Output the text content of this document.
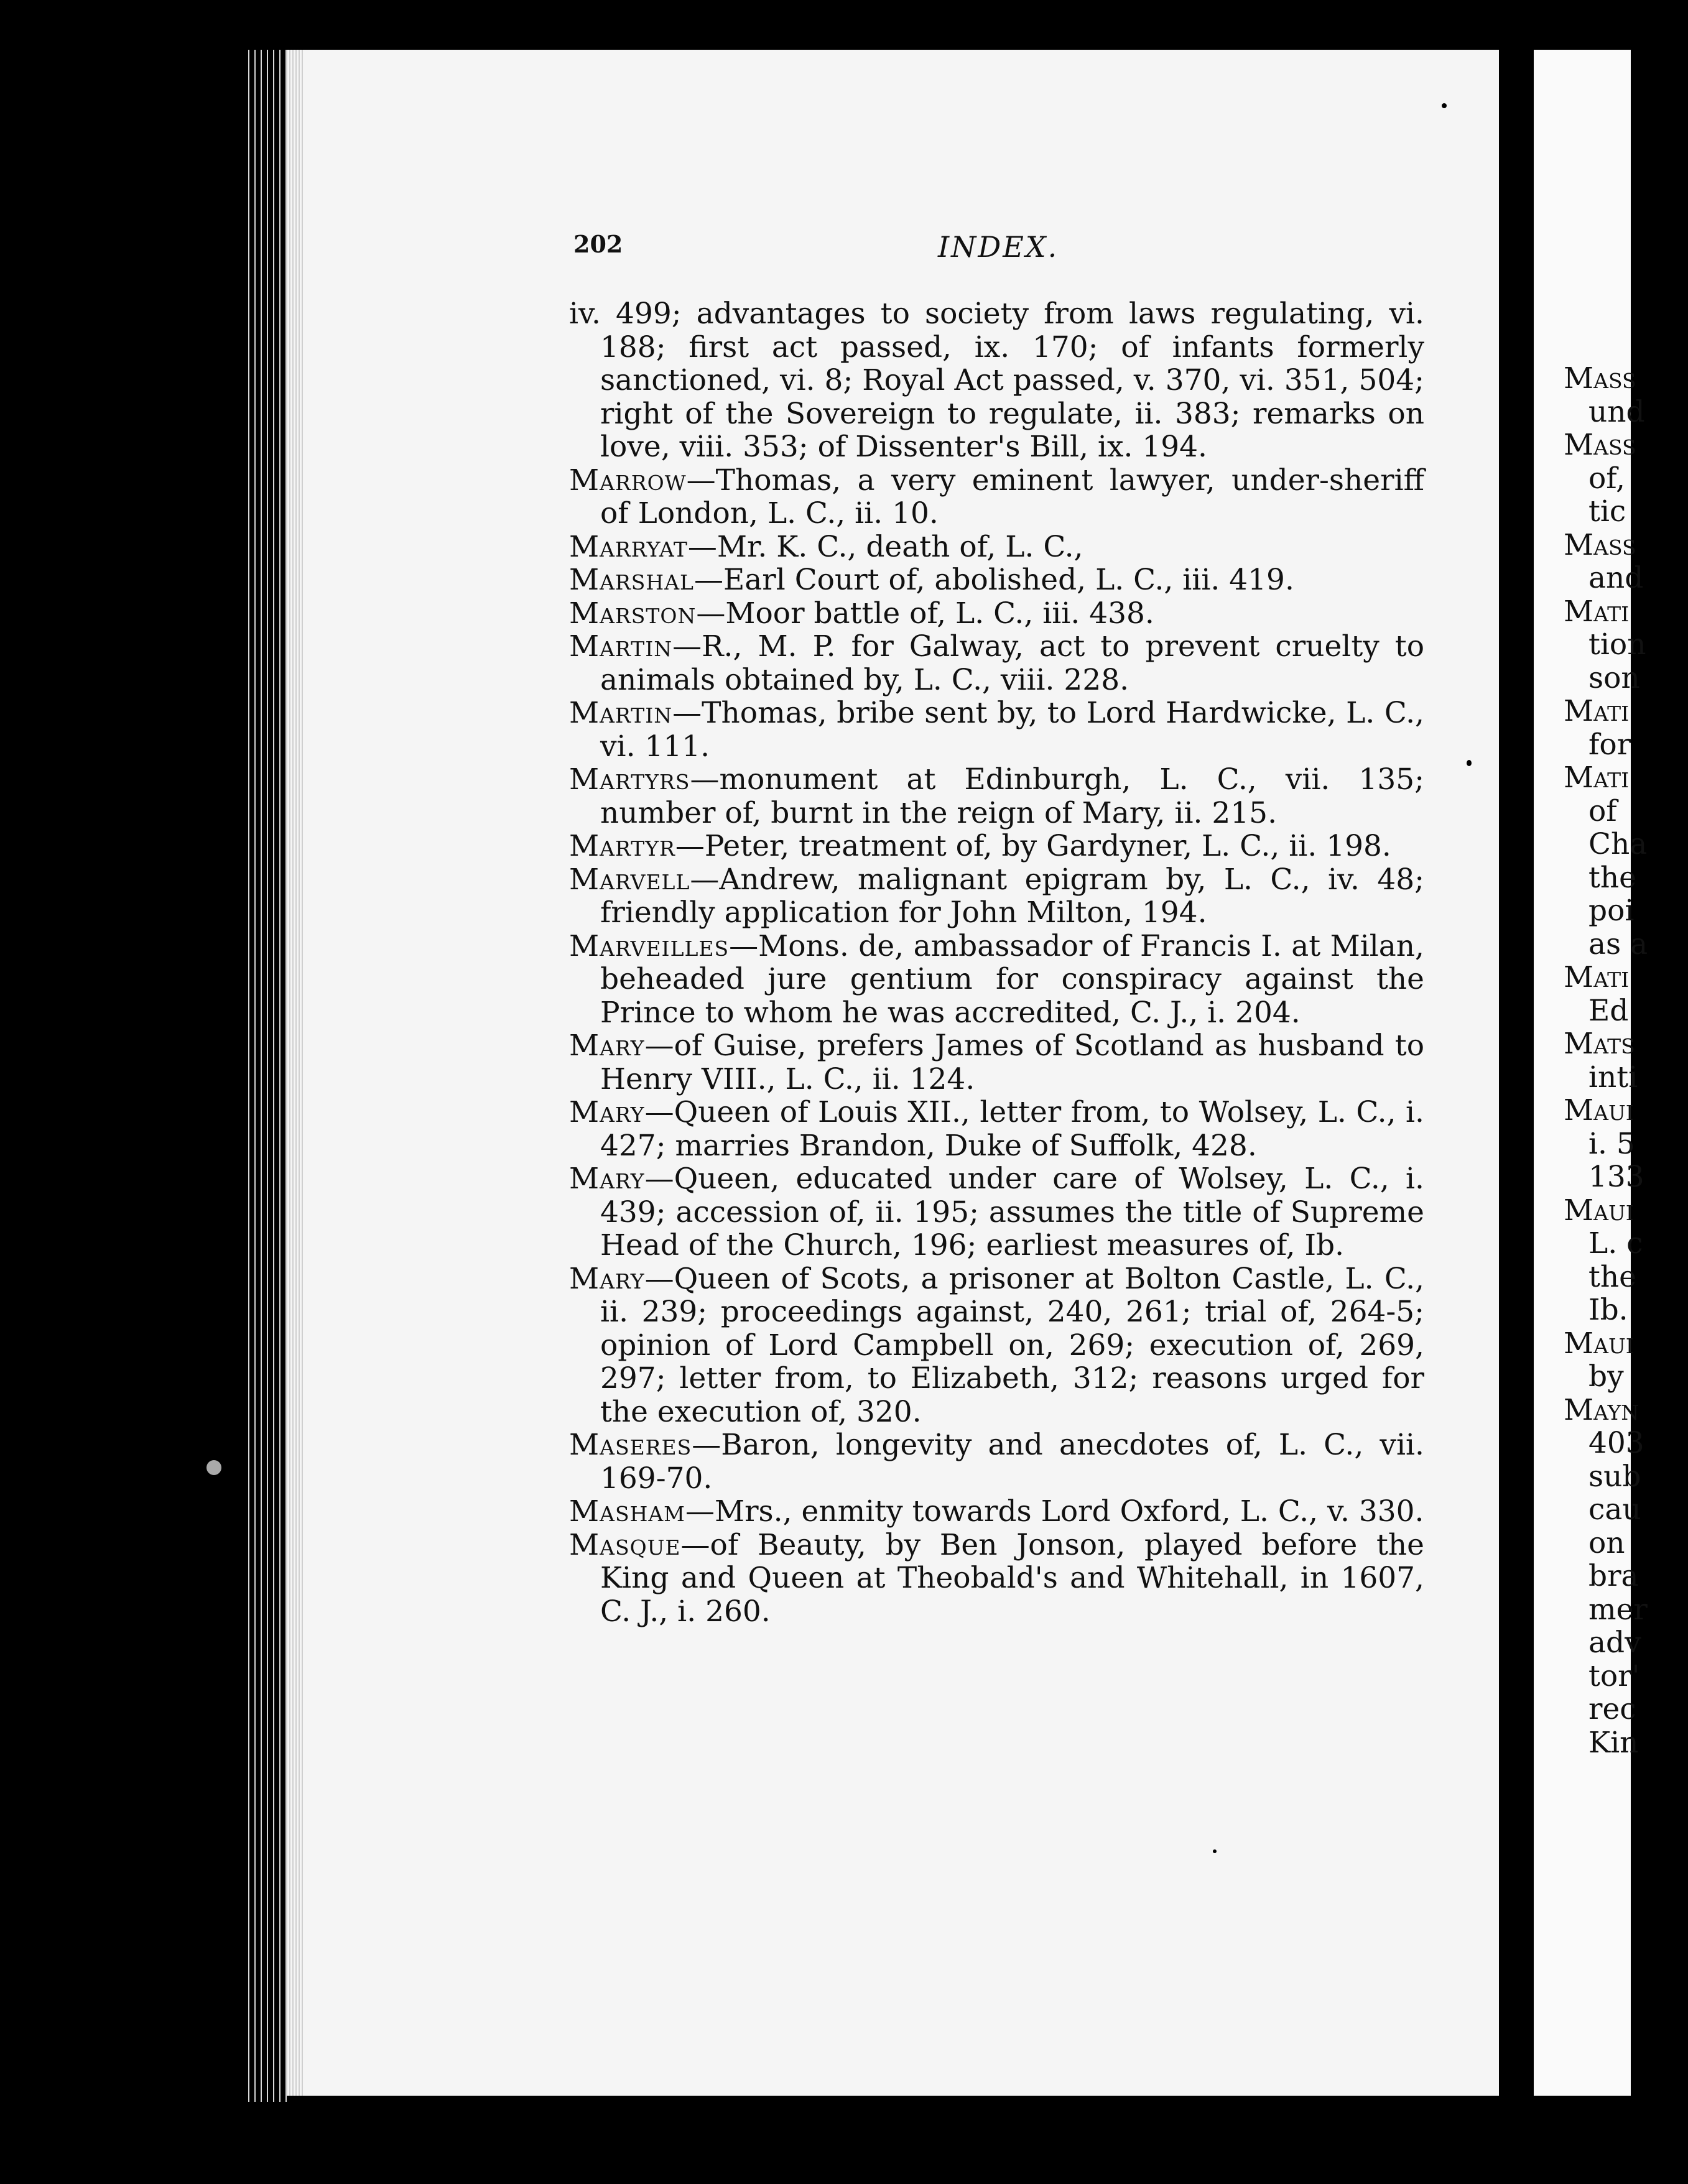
202	INDEX.

iv. 499; advantages to society from laws regulating, vi. 188; first act passed, ix. 170; of infants formerly sanctioned, vi. 8; Royal Act passed, v. 370, vi. 351, 504; right of the Sovereign to regulate, ii. 383; remarks on love, viii. 353; of Dissenter's Bill, ix. 194.

Marrow—Thomas, a very eminent lawyer, under-sheriff of London, L. C., ii. 10.

Marryat—Mr. K. C., death of, L. C.,

Marshal—Earl Court of, abolished, L. C., iii. 419.

Marston—Moor battle of, L. C., iii. 438.

Martin—R., M. P. for Galway, act to prevent cruelty to animals obtained by, L. C., viii. 228.

Martin—Thomas, bribe sent by, to Lord Hardwicke, L. C., vi. 111.

Martyrs—monument at Edinburgh, L. C., vii. 135; number of, burnt in the reign of Mary, ii. 215.

Martyr—Peter, treatment of, by Gardyner, L. C., ii. 198.

Marvell—Andrew, malignant epigram by, L. C., iv. 48; friendly application for John Milton, 194.

Marveilles—Mons. de, ambassador of Francis I. at Milan, beheaded jure gentium for conspiracy against the Prince to whom he was accredited, C. J., i. 204.

Mary—of Guise, prefers James of Scotland as husband to Henry VIII., L. C., ii. 124.

Mary—Queen of Louis XII., letter from, to Wolsey, L. C., i. 427; marries Brandon, Duke of Suffolk, 428.

Mary—Queen, educated under care of Wolsey, L. C., i. 439; accession of, ii. 195; assumes the title of Supreme Head of the Church, 196; earliest measures of, Ib.

Mary—Queen of Scots, a prisoner at Bolton Castle, L. C., ii. 239; proceedings against, 240, 261; trial of, 264-5; opinion of Lord Campbell on, 269; execution of, 269, 297; letter from, to Elizabeth, 312; reasons urged for the execution of, 320.

Maseres—Baron, longevity and anecdotes of, L. C., vii. 169-70.

Masham—Mrs., enmity towards Lord Oxford, L. C., v. 330.

Masque—of Beauty, by Ben Jonson, played before the King and Queen at Theobald's and Whitehall, in 1607, C. J., i. 260.

Mass
und
Mass
of,
tic
Mass
and
Mati
tion
son
Mati
for
Mati
of
Cha
the
poi
as a
Mati
Ed
Mats
inti
Maui
i. 5
133
Maui
L. c
the
Ib.
Maui
by
Mayn
403
sub
cau
on
bra
mer
adv
tor'
rec
Kin
